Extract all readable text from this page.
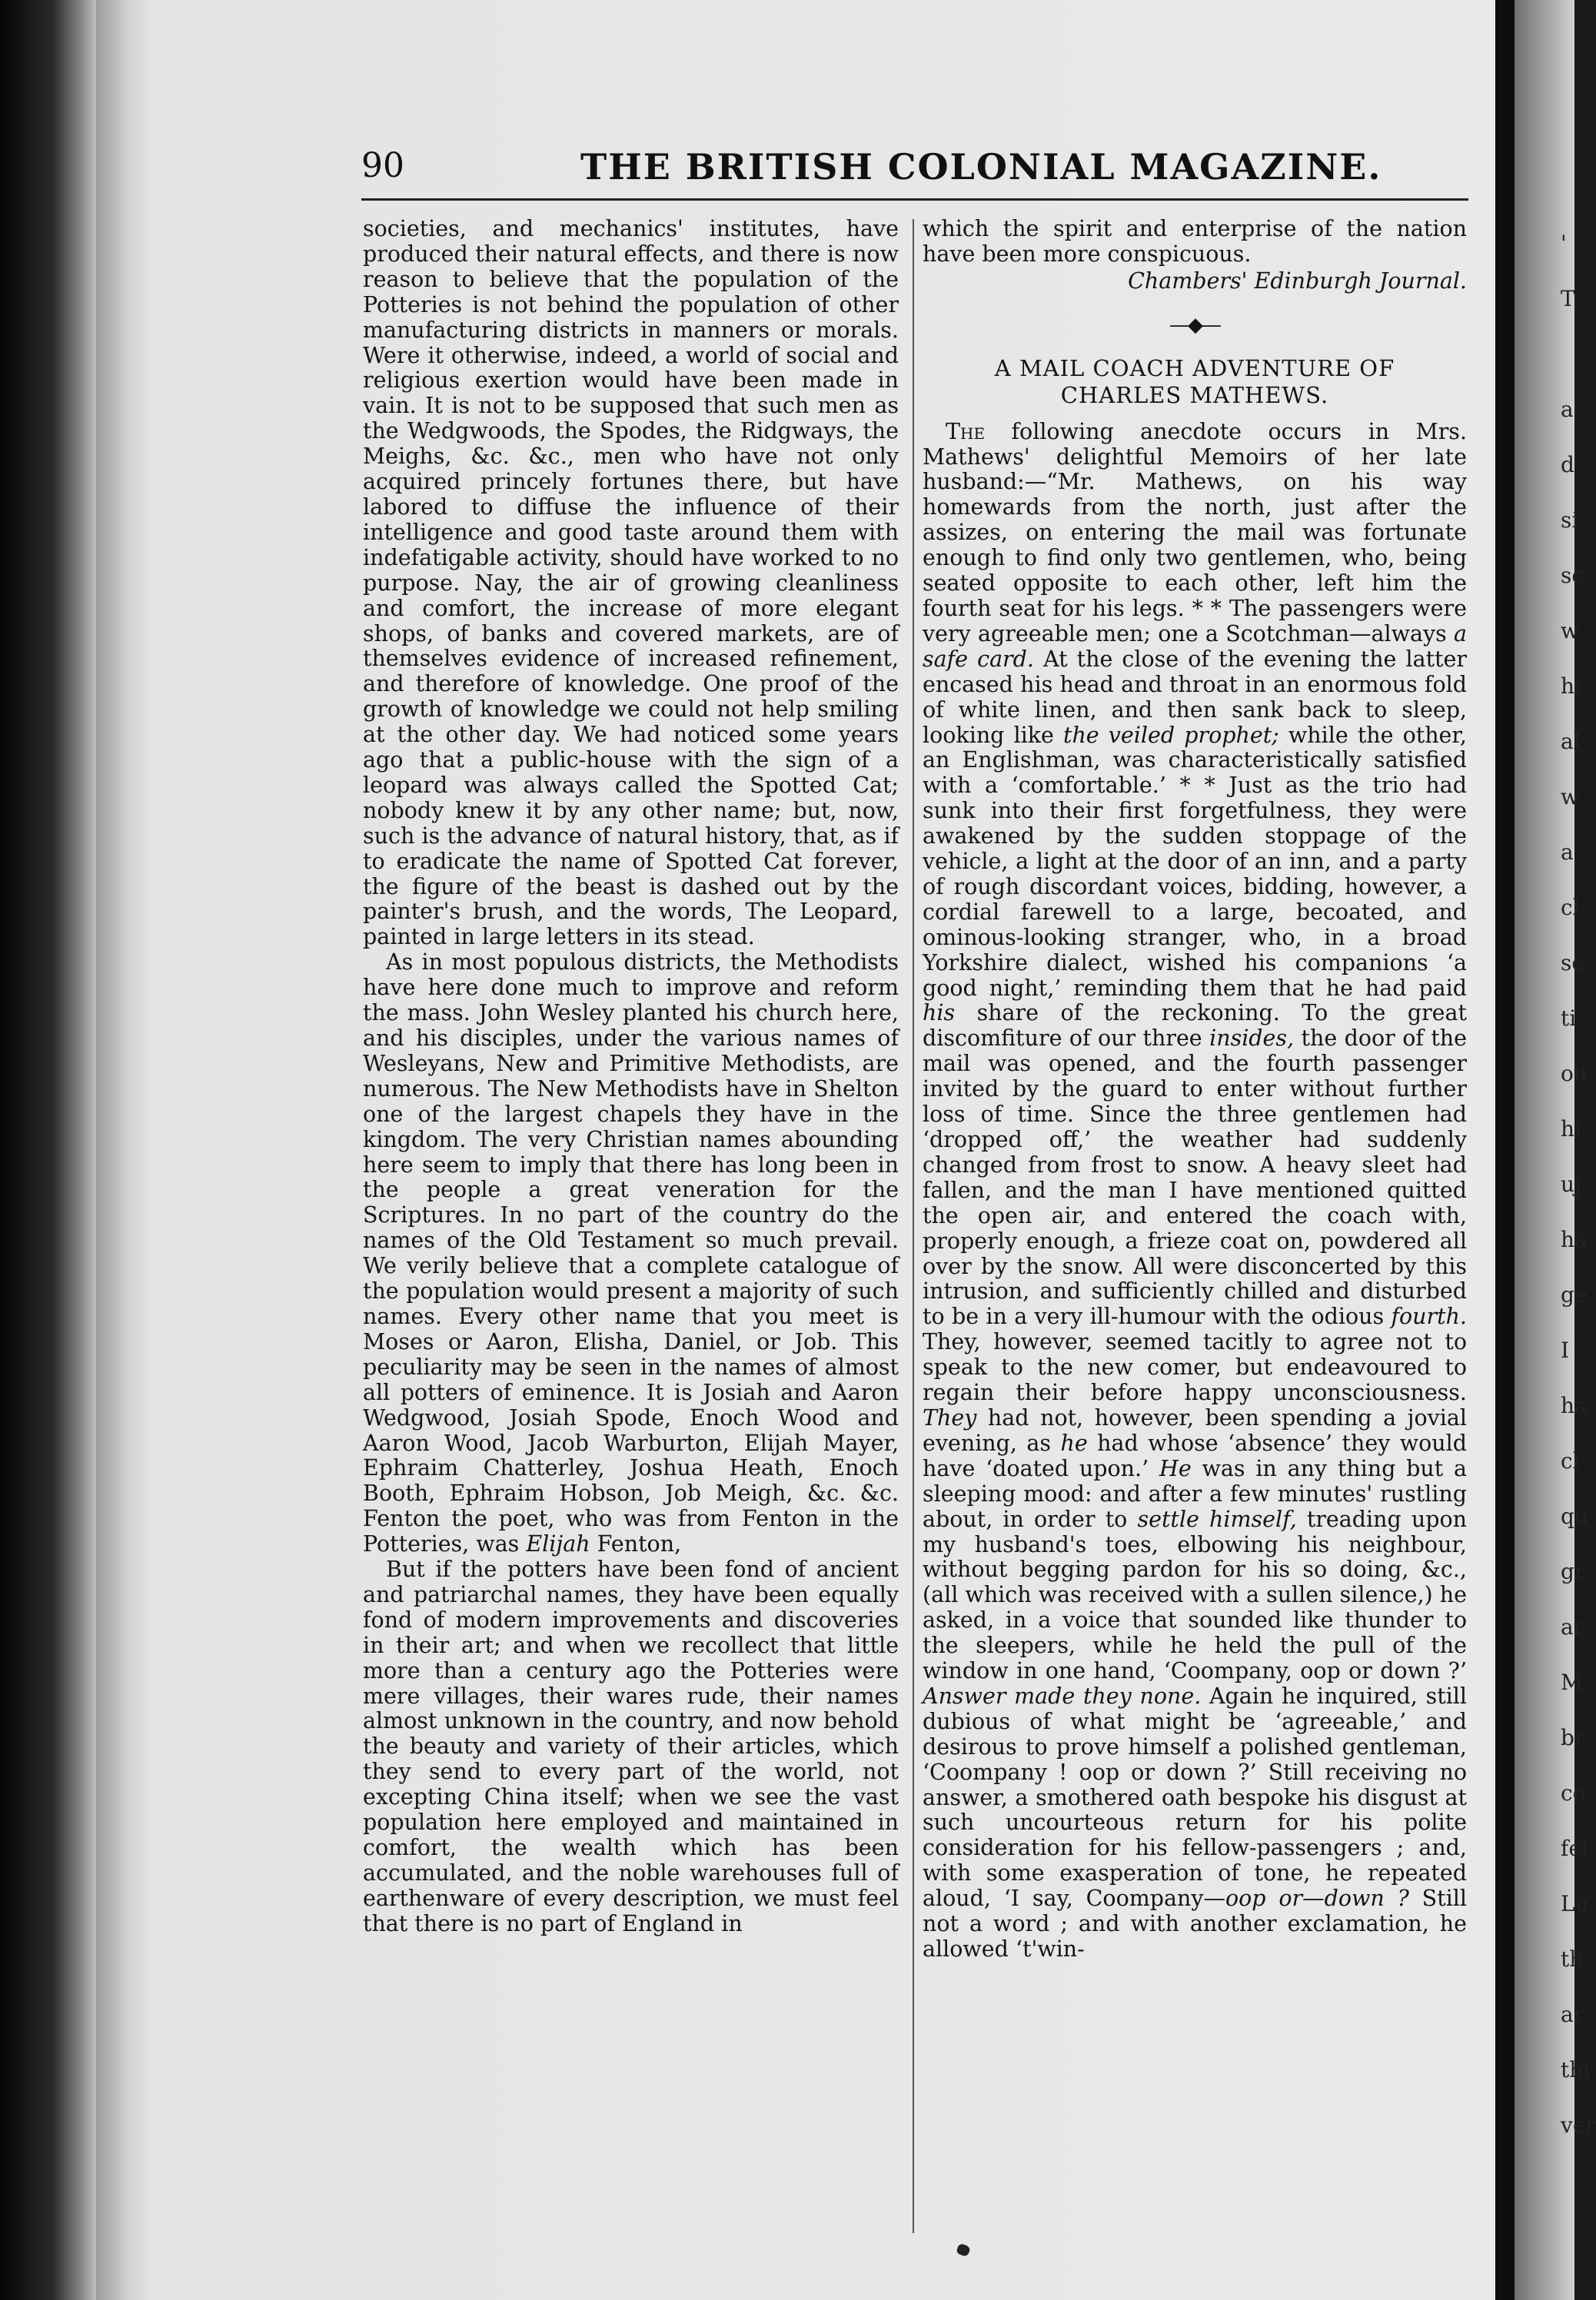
'
T
a
d
si
sc
w
hi
al
w
a
cl
se
ti
ou
hi
uj
ha
ge
I
ha
cl
qu
gr
ar
M
br
co
fel
Lu
th
ar
thi
ver
90	THE BRITISH COLONIAL MAGAZINE.

societies, and mechanics' institutes, have produced their natural effects, and there is now reason to believe that the population of the Potteries is not behind the population of other manufacturing districts in manners or morals. Were it otherwise, indeed, a world of social and religious exertion would have been made in vain. It is not to be supposed that such men as the Wedgwoods, the Spodes, the Ridgways, the Meighs, &c. &c., men who have not only acquired princely fortunes there, but have labored to diffuse the influence of their intelligence and good taste around them with indefatigable activity, should have worked to no purpose. Nay, the air of growing cleanliness and comfort, the increase of more elegant shops, of banks and covered markets, are of themselves evidence of increased refinement, and therefore of knowledge. One proof of the growth of knowledge we could not help smiling at the other day. We had noticed some years ago that a public-house with the sign of a leopard was always called the Spotted Cat; nobody knew it by any other name; but, now, such is the advance of natural history, that, as if to eradicate the name of Spotted Cat forever, the figure of the beast is dashed out by the painter's brush, and the words, The Leopard, painted in large letters in its stead.

As in most populous districts, the Methodists have here done much to improve and reform the mass. John Wesley planted his church here, and his disciples, under the various names of Wesleyans, New and Primitive Methodists, are numerous. The New Methodists have in Shelton one of the largest chapels they have in the kingdom. The very Christian names abounding here seem to imply that there has long been in the people a great veneration for the Scriptures. In no part of the country do the names of the Old Testament so much prevail. We verily believe that a complete catalogue of the population would present a majority of such names. Every other name that you meet is Moses or Aaron, Elisha, Daniel, or Job. This peculiarity may be seen in the names of almost all potters of eminence. It is Josiah and Aaron Wedgwood, Josiah Spode, Enoch Wood and Aaron Wood, Jacob Warburton, Elijah Mayer, Ephraim Chatterley, Joshua Heath, Enoch Booth, Ephraim Hobson, Job Meigh, &c. &c. Fenton the poet, who was from Fenton in the Potteries, was Elijah Fenton,

But if the potters have been fond of ancient and patriarchal names, they have been equally fond of modern improvements and discoveries in their art; and when we recollect that little more than a century ago the Potteries were mere villages, their wares rude, their names almost unknown in the country, and now behold the beauty and variety of their articles, which they send to every part of the world, not excepting China itself; when we see the vast population here employed and maintained in comfort, the wealth which has been accumulated, and the noble warehouses full of earthenware of every description, we must feel that there is no part of England in

which the spirit and enterprise of the nation have been more conspicuous.

Chambers' Edinburgh Journal.

—◆—
A MAIL COACH ADVENTURE OF
CHARLES MATHEWS.

The following anecdote occurs in Mrs. Mathews' delightful Memoirs of her late husband:—“Mr. Mathews, on his way homewards from the north, just after the assizes, on entering the mail was fortunate enough to find only two gentlemen, who, being seated opposite to each other, left him the fourth seat for his legs. * * The passengers were very agreeable men; one a Scotchman—always a safe card. At the close of the evening the latter encased his head and throat in an enormous fold of white linen, and then sank back to sleep, looking like the veiled prophet; while the other, an Englishman, was characteristically satisfied with a ‘comfortable.’ * * Just as the trio had sunk into their first forgetfulness, they were awakened by the sudden stoppage of the vehicle, a light at the door of an inn, and a party of rough discordant voices, bidding, however, a cordial farewell to a large, becoated, and ominous-looking stranger, who, in a broad Yorkshire dialect, wished his companions ‘a good night,’ reminding them that he had paid his share of the reckoning. To the great discomfiture of our three insides, the door of the mail was opened, and the fourth passenger invited by the guard to enter without further loss of time. Since the three gentlemen had ‘dropped off,’ the weather had suddenly changed from frost to snow. A heavy sleet had fallen, and the man I have mentioned quitted the open air, and entered the coach with, properly enough, a frieze coat on, powdered all over by the snow. All were disconcerted by this intrusion, and sufficiently chilled and disturbed to be in a very ill-humour with the odious fourth. They, however, seemed tacitly to agree not to speak to the new comer, but endeavoured to regain their before happy unconsciousness. They had not, however, been spending a jovial evening, as he had whose ‘absence’ they would have ‘doated upon.’ He was in any thing but a sleeping mood: and after a few minutes' rustling about, in order to settle himself, treading upon my husband's toes, elbowing his neighbour, without begging pardon for his so doing, &c., (all which was received with a sullen silence,) he asked, in a voice that sounded like thunder to the sleepers, while he held the pull of the window in one hand, ‘Coompany, oop or down ?’ Answer made they none. Again he inquired, still dubious of what might be ‘agreeable,’ and desirous to prove himself a polished gentleman, ‘Coompany ! oop or down ?’ Still receiving no answer, a smothered oath bespoke his disgust at such uncourteous return for his polite consideration for his fellow-passengers ; and, with some exasperation of tone, he repeated aloud, ‘I say, Coompany—oop or—down ? Still not a word ; and with another exclamation, he allowed ‘t'win-
